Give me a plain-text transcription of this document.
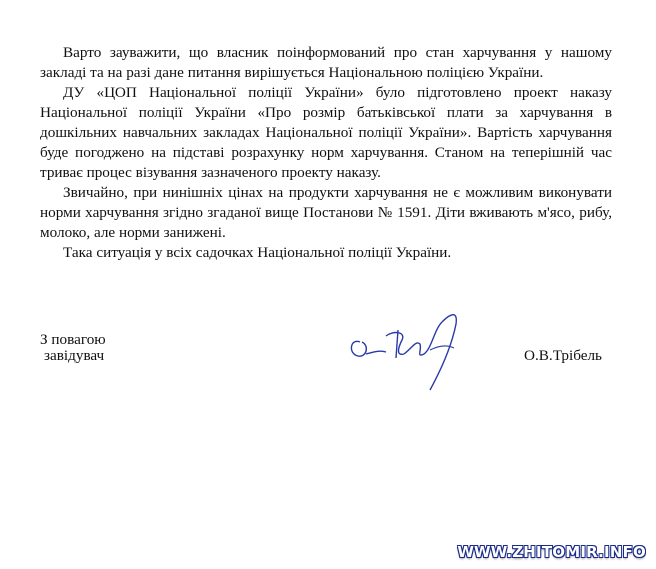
Варто зауважити, що власник поінформований про стан харчування у нашому закладі та на разі дане питання вирішується Національною поліцією України.

ДУ «ЦОП Національної поліції України» було підготовлено проект наказу Національної поліції України «Про розмір батьківської плати за харчування в дошкільних навчальних закладах Національної поліції України». Вартість харчування буде погоджено на підставі розрахунку норм харчування. Станом на теперішній час триває процес візування зазначеного проекту наказу.

Звичайно, при нинішніх цінах на продукти харчування не є можливим виконувати норми харчування згідно згаданої вище Постанови № 1591. Діти вживають м'ясо, рибу, молоко, але норми занижені.

Така ситуація у всіх садочках Національної поліції України.

З повагою
завідувач	О.В.Трібель
WWW.ZHITOMIR.INFO
